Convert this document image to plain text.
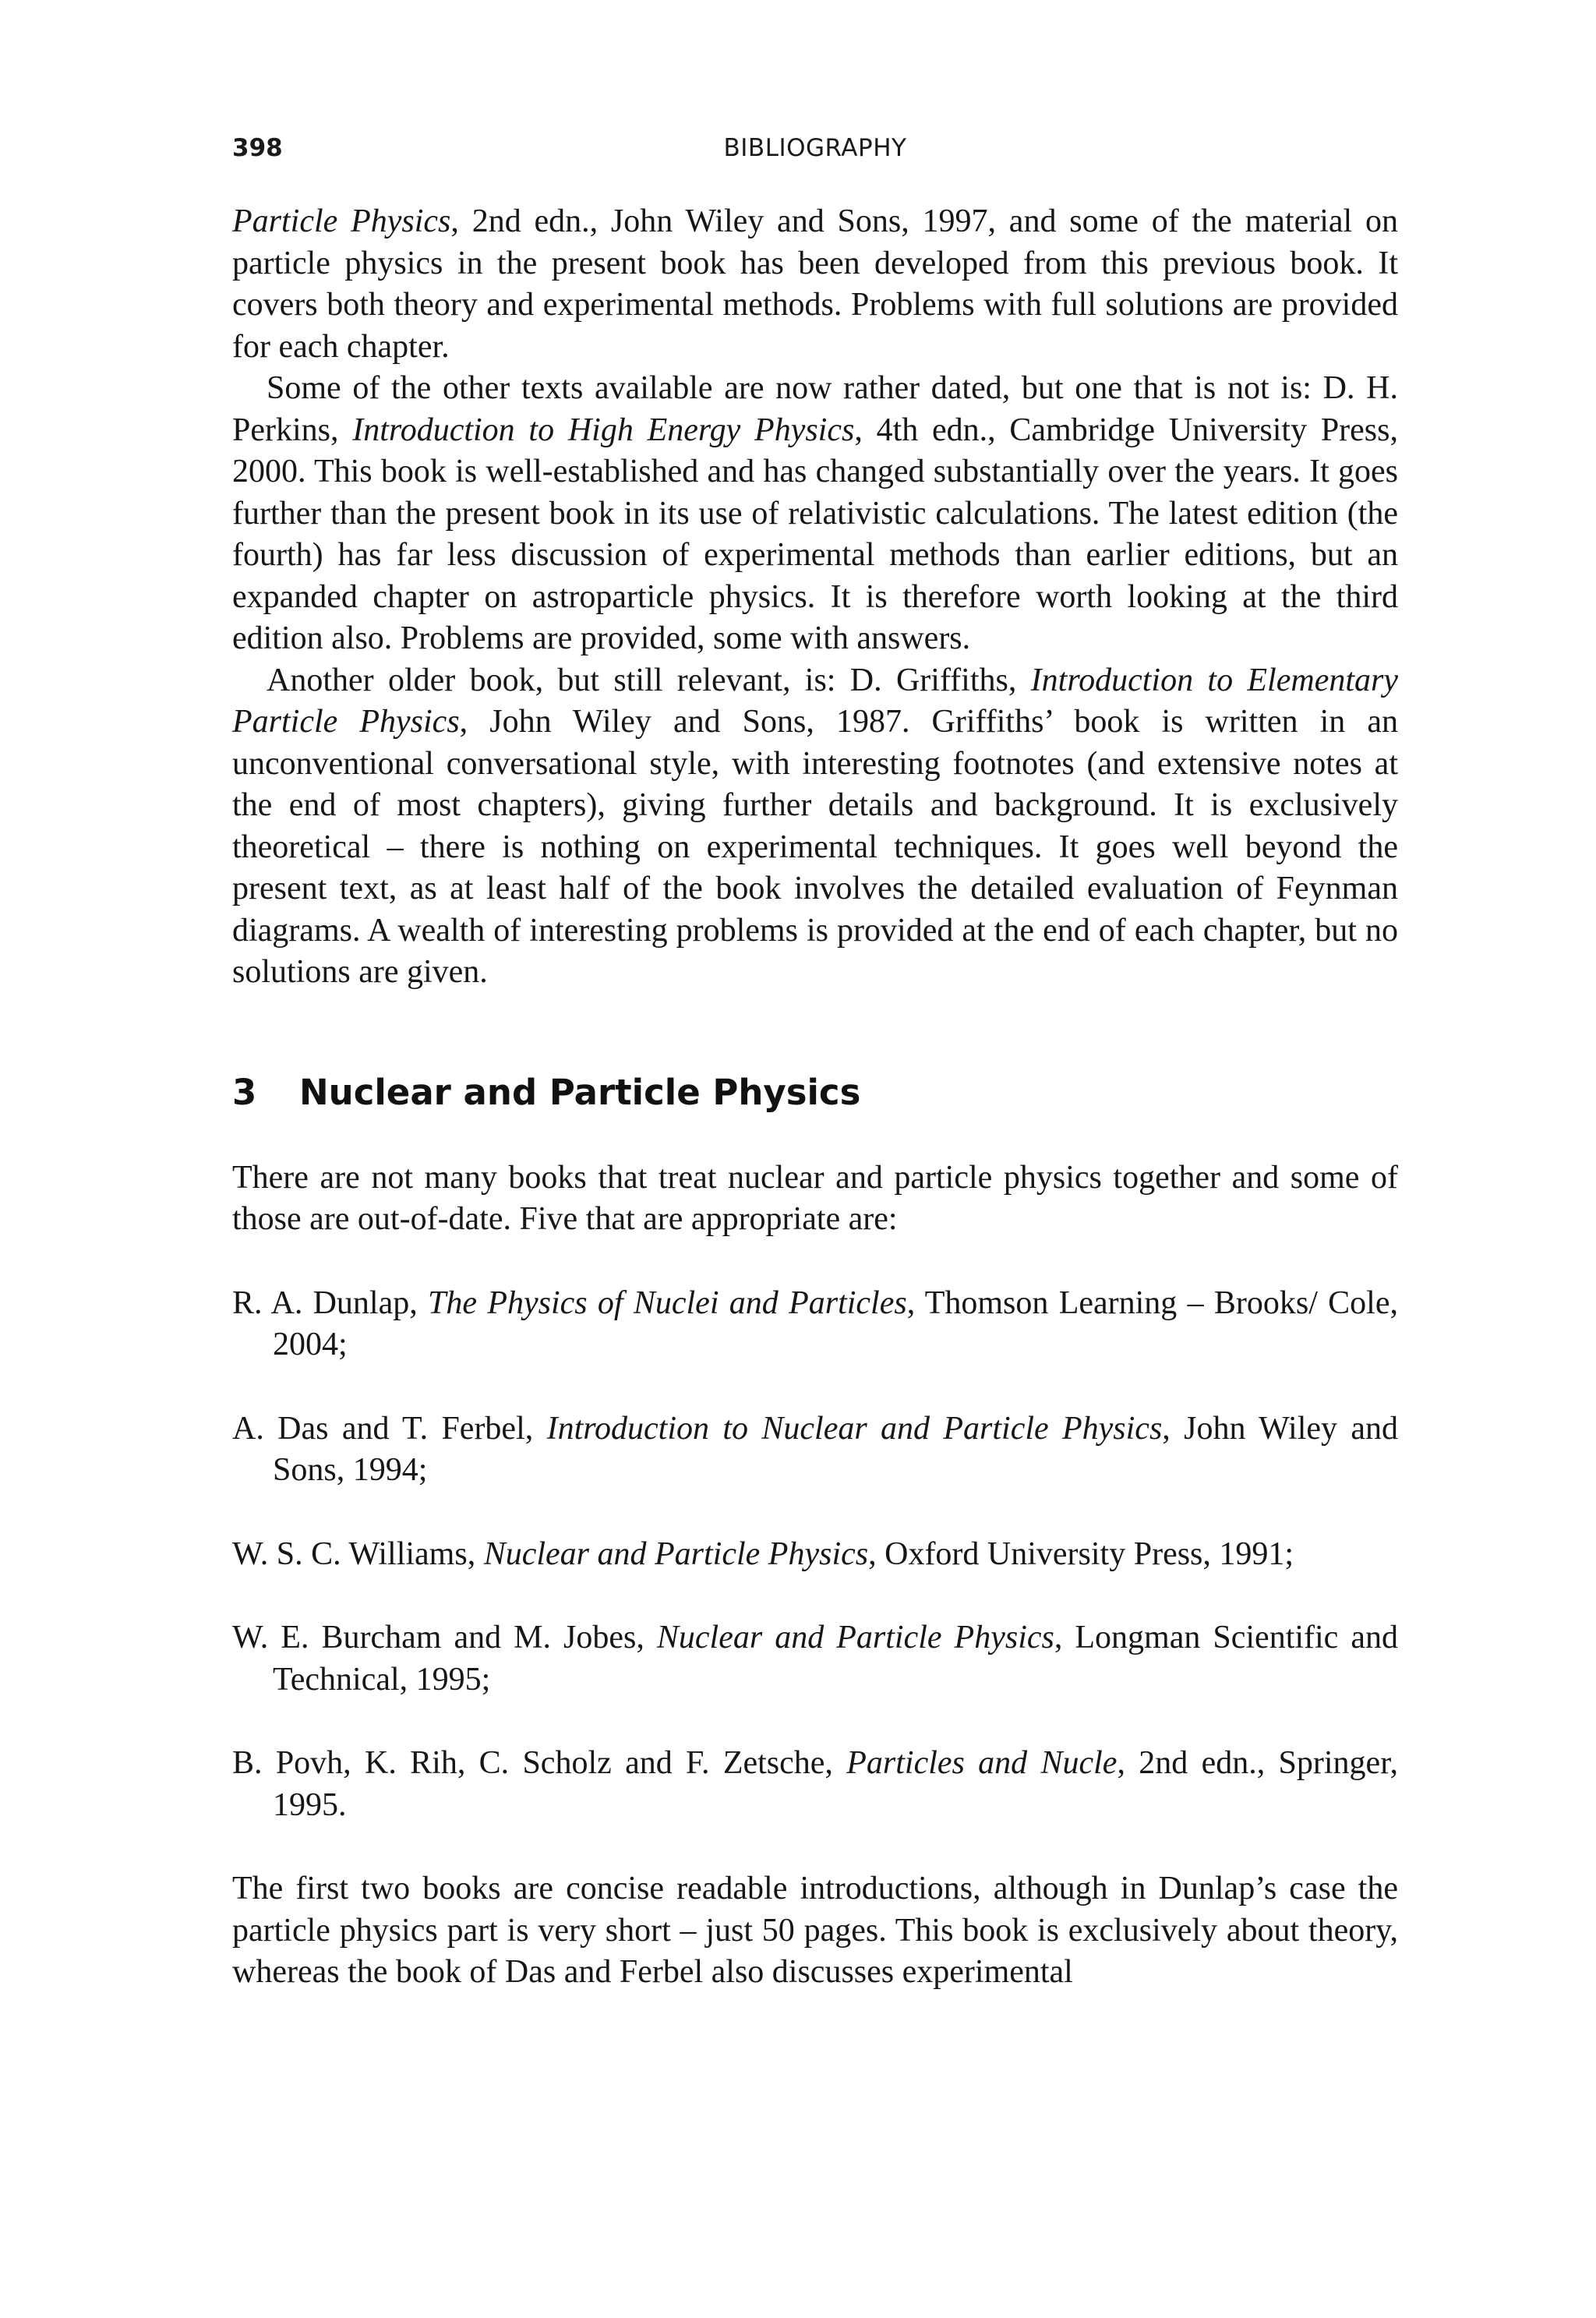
398	BIBLIOGRAPHY

Particle Physics, 2nd edn., John Wiley and Sons, 1997, and some of the material on particle physics in the present book has been developed from this previous book. It covers both theory and experimental methods. Problems with full solutions are provided for each chapter.

Some of the other texts available are now rather dated, but one that is not is: D. H. Perkins, Introduction to High Energy Physics, 4th edn., Cambridge University Press, 2000. This book is well-established and has changed substantially over the years. It goes further than the present book in its use of relativistic calculations. The latest edition (the fourth) has far less discussion of experimental methods than earlier editions, but an expanded chapter on astroparticle physics. It is therefore worth looking at the third edition also. Problems are provided, some with answers.

Another older book, but still relevant, is: D. Griffiths, Introduction to Elementary Particle Physics, John Wiley and Sons, 1987. Griffiths’ book is written in an unconventional conversational style, with interesting footnotes (and extensive notes at the end of most chapters), giving further details and background. It is exclusively theoretical – there is nothing on experimental techniques. It goes well beyond the present text, as at least half of the book involves the detailed evaluation of Feynman diagrams. A wealth of interesting problems is provided at the end of each chapter, but no solutions are given.

3 Nuclear and Particle Physics

There are not many books that treat nuclear and particle physics together and some of those are out-of-date. Five that are appropriate are:

R. A. Dunlap, The Physics of Nuclei and Particles, Thomson Learning – Brooks/ Cole, 2004;
A. Das and T. Ferbel, Introduction to Nuclear and Particle Physics, John Wiley and Sons, 1994;
W. S. C. Williams, Nuclear and Particle Physics, Oxford University Press, 1991;
W. E. Burcham and M. Jobes, Nuclear and Particle Physics, Longman Scientific and Technical, 1995;
B. Povh, K. Rih, C. Scholz and F. Zetsche, Particles and Nucle, 2nd edn., Springer, 1995.

The first two books are concise readable introductions, although in Dunlap’s case the particle physics part is very short – just 50 pages. This book is exclusively about theory, whereas the book of Das and Ferbel also discusses experimental
